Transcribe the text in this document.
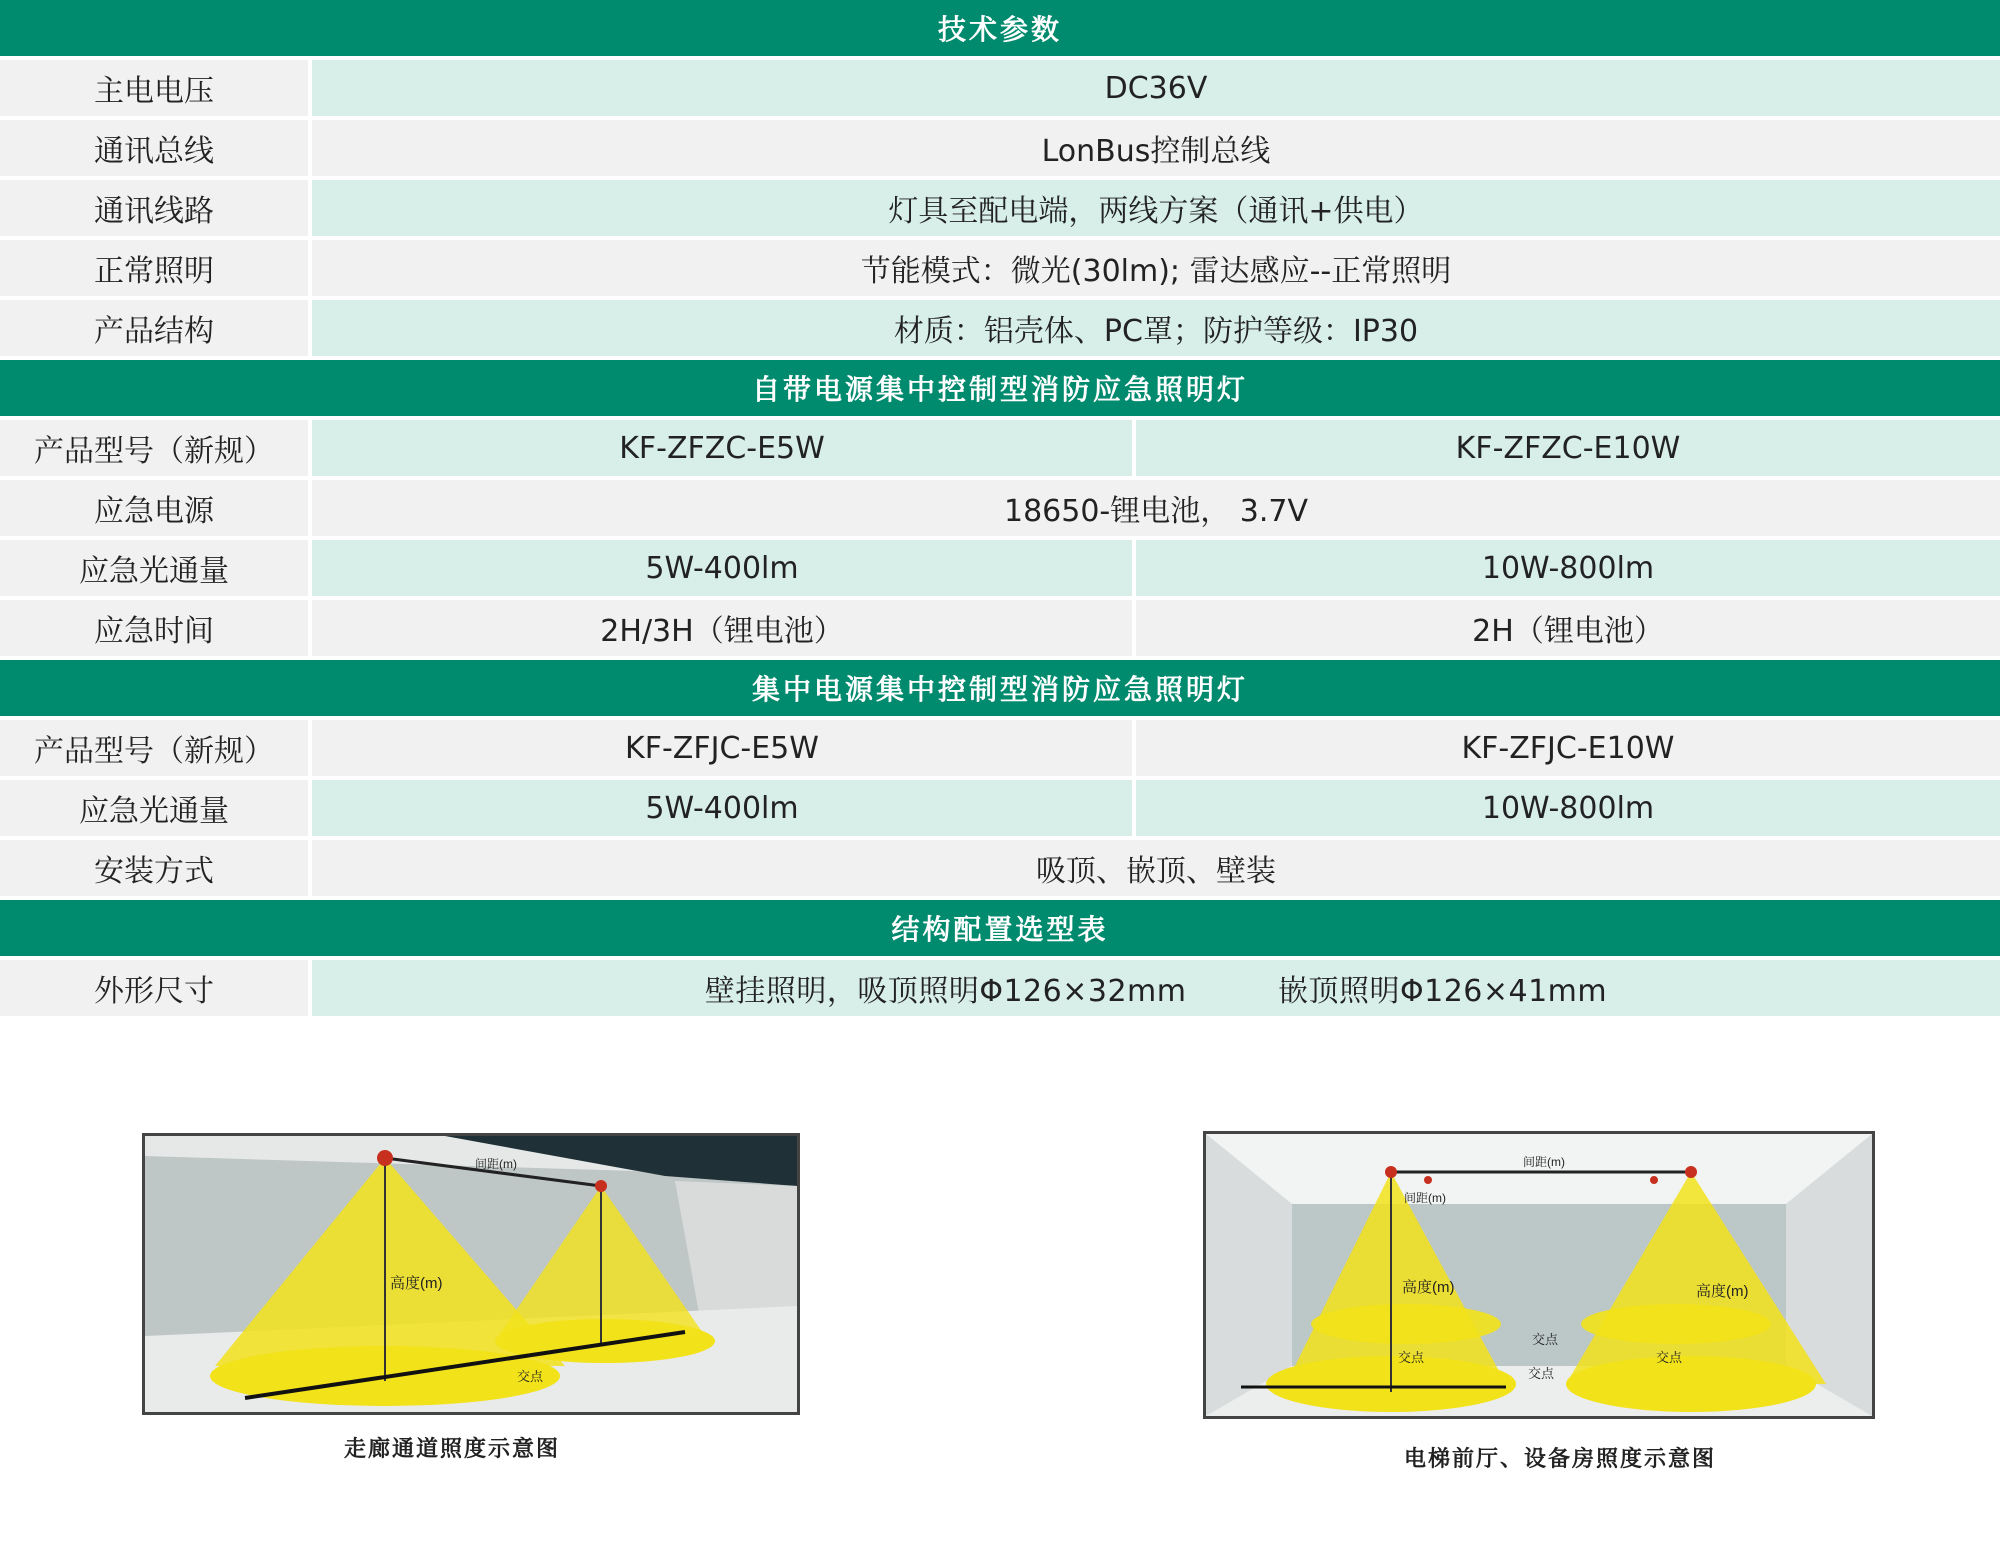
技术参数
主电电压	DC36V
通讯总线	LonBus控制总线
通讯线路	灯具至配电端，两线方案（通讯+供电）
正常照明	节能模式：微光(30lm); 雷达感应--正常照明
产品结构	材质：铝壳体、PC罩；防护等级：IP30
自带电源集中控制型消防应急照明灯
产品型号（新规）	KF-ZFZC-E5W	KF-ZFZC-E10W
应急电源	18650-锂电池， 3.7V
应急光通量	5W-400lm	10W-800lm
应急时间	2H/3H（锂电池）	2H（锂电池）
集中电源集中控制型消防应急照明灯
产品型号（新规）	KF-ZFJC-E5W	KF-ZFJC-E10W
应急光通量	5W-400lm	10W-800lm
安装方式	吸顶、嵌顶、壁装
结构配置选型表
外形尺寸	壁挂照明，吸顶照明Φ126×32mm　　　嵌顶照明Φ126×41mm
间距(m)
高度(m)
交点
走廊通道照度示意图
间距(m)
间距(m)
高度(m)	高度(m)
交点
交点
交点
交点
电梯前厅、设备房照度示意图
